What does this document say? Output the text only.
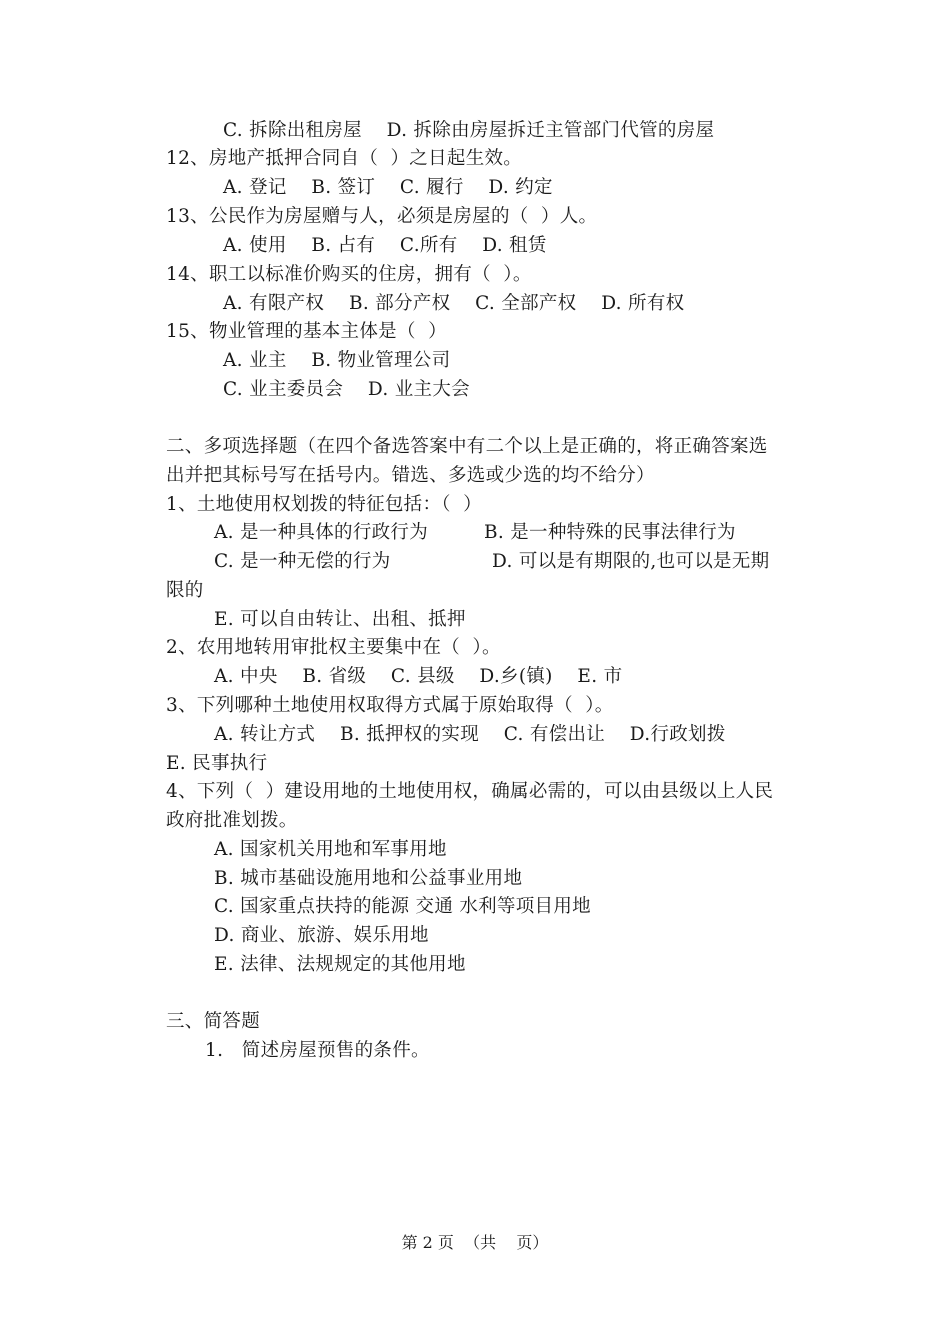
C. 拆除出租房屋    D. 拆除由房屋拆迁主管部门代管的房屋
12、房地产抵押合同自（  ）之日起生效。
A. 登记    B. 签订    C. 履行    D. 约定
13、公民作为房屋赠与人，必须是房屋的（  ）人。
A. 使用    B. 占有    C.所有    D. 租赁
14、职工以标准价购买的住房，拥有（  ）。
A. 有限产权    B. 部分产权    C. 全部产权    D. 所有权
15、物业管理的基本主体是（  ）
A. 业主    B. 物业管理公司
C. 业主委员会    D. 业主大会
二、多项选择题（在四个备选答案中有二个以上是正确的，将正确答案选
出并把其标号写在括号内。错选、多选或少选的均不给分）
1、土地使用权划拨的特征包括：（  ）
A. 是一种具体的行政行为	B. 是一种特殊的民事法律行为
C. 是一种无偿的行为	D. 可以是有期限的,也可以是无期
限的
E. 可以自由转让、出租、抵押
2、农用地转用审批权主要集中在（  ）。
A. 中央    B. 省级    C. 县级    D.乡(镇)    E. 市
3、下列哪种土地使用权取得方式属于原始取得（  ）。
A. 转让方式    B. 抵押权的实现    C. 有偿出让    D.行政划拨
E. 民事执行
4、下列（  ）建设用地的土地使用权，确属必需的，可以由县级以上人民
政府批准划拨。
A. 国家机关用地和军事用地
B. 城市基础设施用地和公益事业用地
C. 国家重点扶持的能源 交通 水利等项目用地
D. 商业、旅游、娱乐用地
E. 法律、法规规定的其他用地
三、简答题
1.   简述房屋预售的条件。
第 2 页  （共    页）
